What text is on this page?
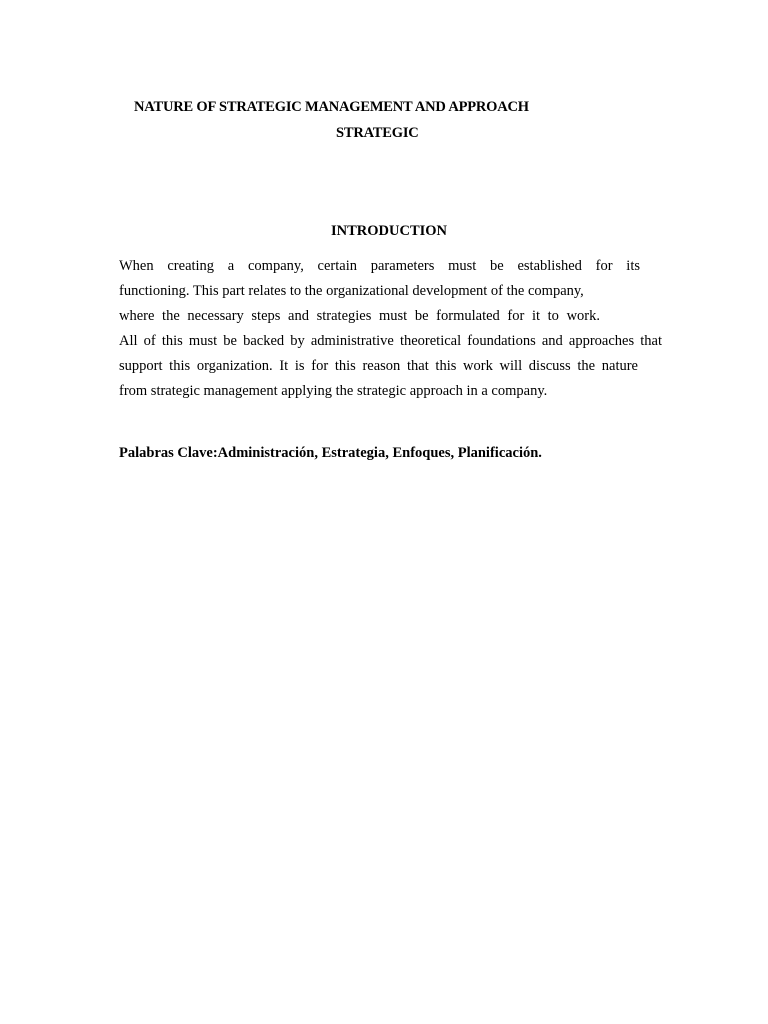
NATURE OF STRATEGIC MANAGEMENT AND APPROACH
STRATEGIC
INTRODUCTION
When creating a company, certain parameters must be established for its
functioning. This part relates to the organizational development of the company,
where the necessary steps and strategies must be formulated for it to work.
All of this must be backed by administrative theoretical foundations and approaches that
support this organization. It is for this reason that this work will discuss the nature
from strategic management applying the strategic approach in a company.
Palabras Clave:Administración, Estrategia, Enfoques, Planificación.
